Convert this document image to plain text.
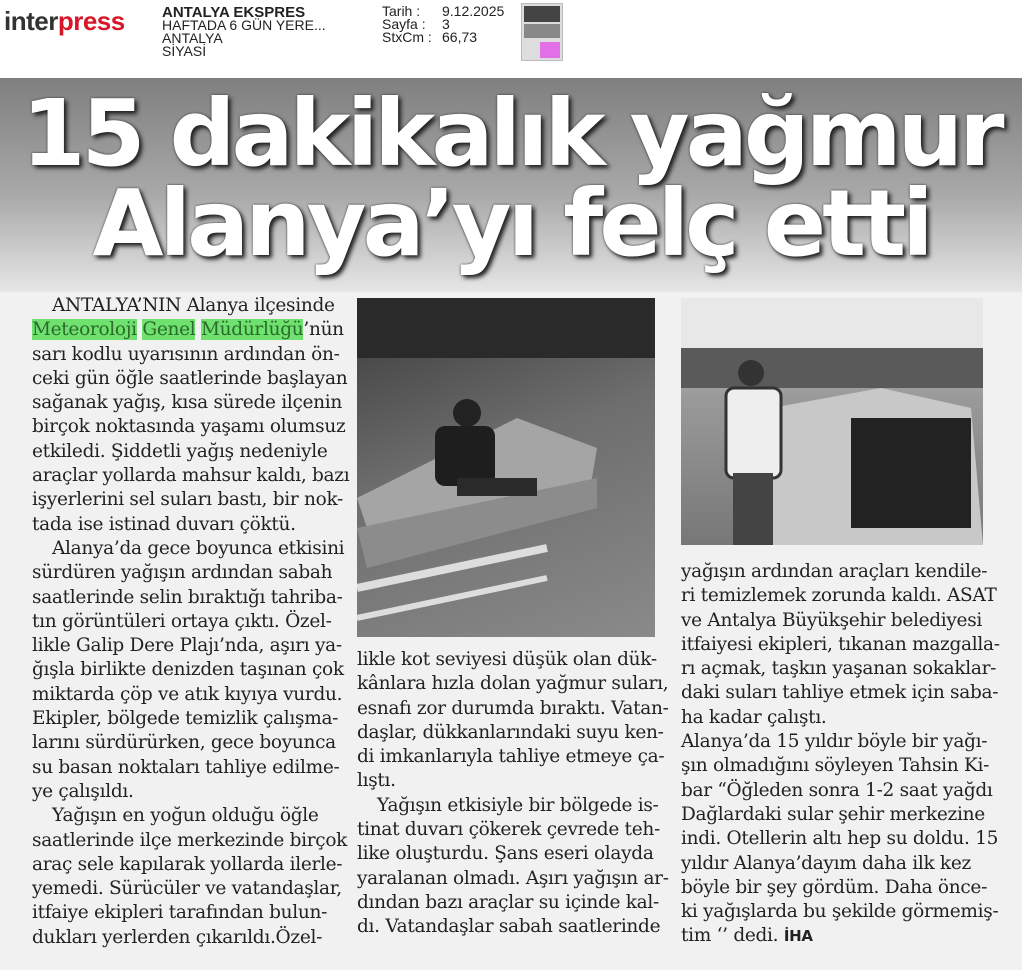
interpress ANTALYA EKSPRES
HAFTADA 6 GÜN YERE...
ANTALYA
SİYASİ
Tarih :	9.12.2025
Sayfa :	3
StxCm : 66,73
15 dakikalık yağmur
Alanya’yı felç etti
ANTALYA’NIN Alanya ilçesinde
Meteoroloji Genel Müdürlüğü’nün
sarı kodlu uyarısının ardından ön-
ceki gün öğle saatlerinde başlayan
sağanak yağış, kısa sürede ilçenin
birçok noktasında yaşamı olumsuz
etkiledi. Şiddetli yağış nedeniyle
araçlar yollarda mahsur kaldı, bazı
işyerlerini sel suları bastı, bir nok-
tada ise istinad duvarı çöktü.
Alanya’da gece boyunca etkisini
sürdüren yağışın ardından sabah
saatlerinde selin bıraktığı tahriba-
tın görüntüleri ortaya çıktı. Özel-
likle Galip Dere Plajı’nda, aşırı ya-
ğışla birlikte denizden taşınan çok
miktarda çöp ve atık kıyıya vurdu.
Ekipler, bölgede temizlik çalışma-
larını sürdürürken, gece boyunca
su basan noktaları tahliye edilme-
ye çalışıldı.
Yağışın en yoğun olduğu öğle
saatlerinde ilçe merkezinde birçok
araç sele kapılarak yollarda ilerle-
yemedi. Sürücüler ve vatandaşlar,
itfaiye ekipleri tarafından bulun-
dukları yerlerden çıkarıldı.Özel-
likle kot seviyesi düşük olan dük-
kânlara hızla dolan yağmur suları,
esnafı zor durumda bıraktı. Vatan-
daşlar, dükkanlarındaki suyu ken-
di imkanlarıyla tahliye etmeye ça-
lıştı.
Yağışın etkisiyle bir bölgede is-
tinat duvarı çökerek çevrede teh-
like oluşturdu. Şans eseri olayda
yaralanan olmadı. Aşırı yağışın ar-
dından bazı araçlar su içinde kal-
dı. Vatandaşlar sabah saatlerinde
yağışın ardından araçları kendile-
ri temizlemek zorunda kaldı. ASAT
ve Antalya Büyükşehir belediyesi
itfaiyesi ekipleri, tıkanan mazgalla-
rı açmak, taşkın yaşanan sokaklar-
daki suları tahliye etmek için saba-
ha kadar çalıştı.
Alanya’da 15 yıldır böyle bir yağı-
şın olmadığını söyleyen Tahsin Ki-
bar “Öğleden sonra 1-2 saat yağdı
Dağlardaki sular şehir merkezine
indi. Otellerin altı hep su doldu. 15
yıldır Alanya’dayım daha ilk kez
böyle bir şey gördüm. Daha önce-
ki yağışlarda bu şekilde görmemiş-
tim ‘’ dedi. İHA
